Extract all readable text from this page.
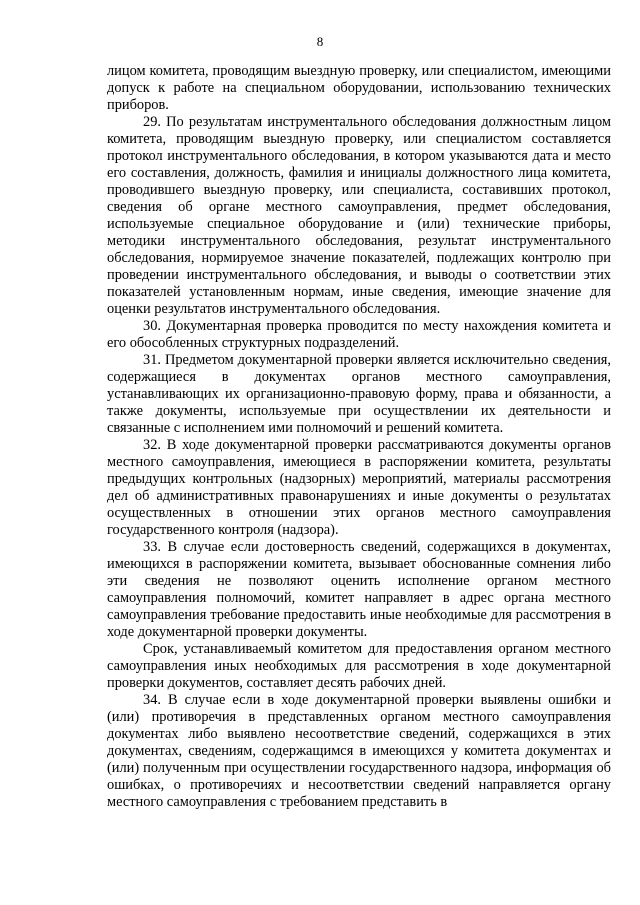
8

лицом комитета, проводящим выездную проверку, или специалистом, имеющими допуск к работе на специальном оборудовании, использованию технических приборов.

29. По результатам инструментального обследования должностным лицом комитета, проводящим выездную проверку, или специалистом составляется протокол инструментального обследования, в котором указываются дата и место его составления, должность, фамилия и инициалы должностного лица комитета, проводившего выездную проверку, или специалиста, составивших протокол, сведения об органе местного самоуправления, предмет обследования, используемые специальное оборудование и (или) технические приборы, методики инструментального обследования, результат инструментального обследования, нормируемое значение показателей, подлежащих контролю при проведении инструментального обследования, и выводы о соответствии этих показателей установленным нормам, иные сведения, имеющие значение для оценки результатов инструментального обследования.

30. Документарная проверка проводится по месту нахождения комитета и его обособленных структурных подразделений.

31. Предметом документарной проверки является исключительно сведения, содержащиеся в документах органов местного самоуправления, устанавливающих их организационно-правовую форму, права и обязанности, а также документы, используемые при осуществлении их деятельности и связанные с исполнением ими полномочий и решений комитета.

32. В ходе документарной проверки рассматриваются документы органов местного самоуправления, имеющиеся в распоряжении комитета, результаты предыдущих контрольных (надзорных) мероприятий, материалы рассмотрения дел об административных правонарушениях и иные документы о результатах осуществленных в отношении этих органов местного самоуправления государственного контроля (надзора).

33. В случае если достоверность сведений, содержащихся в документах, имеющихся в распоряжении комитета, вызывает обоснованные сомнения либо эти сведения не позволяют оценить исполнение органом местного самоуправления полномочий, комитет направляет в адрес органа местного самоуправления требование предоставить иные необходимые для рассмотрения в ходе документарной проверки документы.

Срок, устанавливаемый комитетом для предоставления органом местного самоуправления иных необходимых для рассмотрения в ходе документарной проверки документов, составляет десять рабочих дней.

34. В случае если в ходе документарной проверки выявлены ошибки и (или) противоречия в представленных органом местного самоуправления документах либо выявлено несоответствие сведений, содержащихся в этих документах, сведениям, содержащимся в имеющихся у комитета документах и (или) полученным при осуществлении государственного надзора, информация об ошибках, о противоречиях и несоответствии сведений направляется органу местного самоуправления с требованием представить в
